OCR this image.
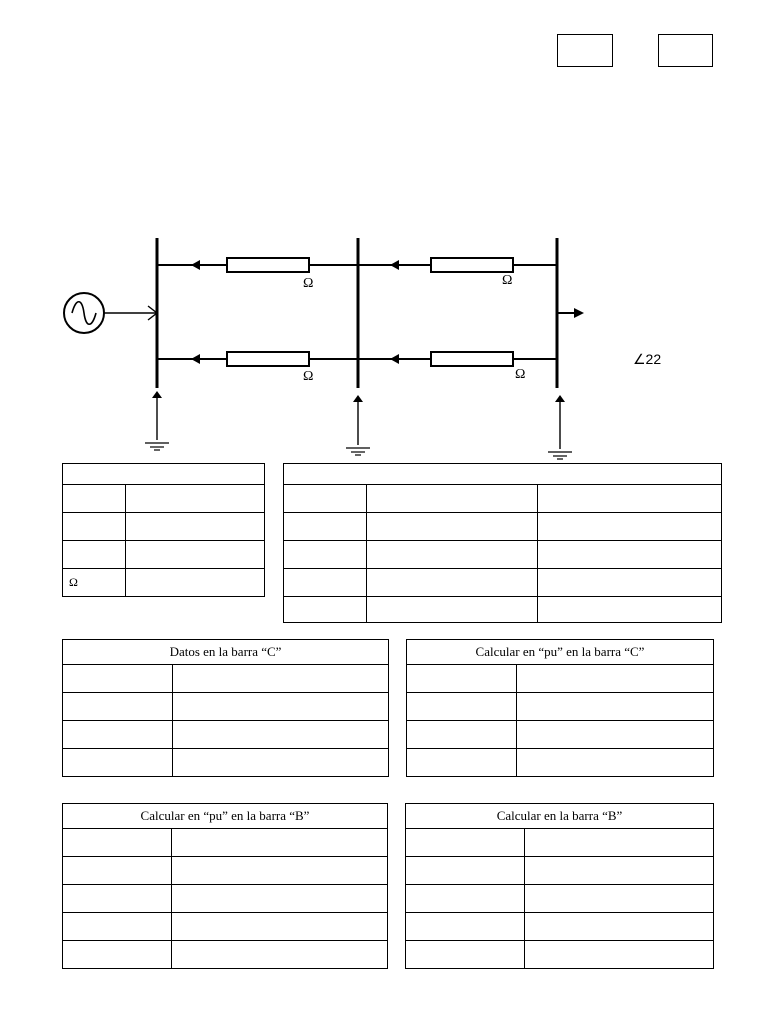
Ω	Ω
Ω	Ω
∠22

Ω	

Datos en la barra “C”	

		Calcular en “pu” en la barra “C”	

Calcular en “pu” en la barra “B”	

		Calcular en la barra “B”	
